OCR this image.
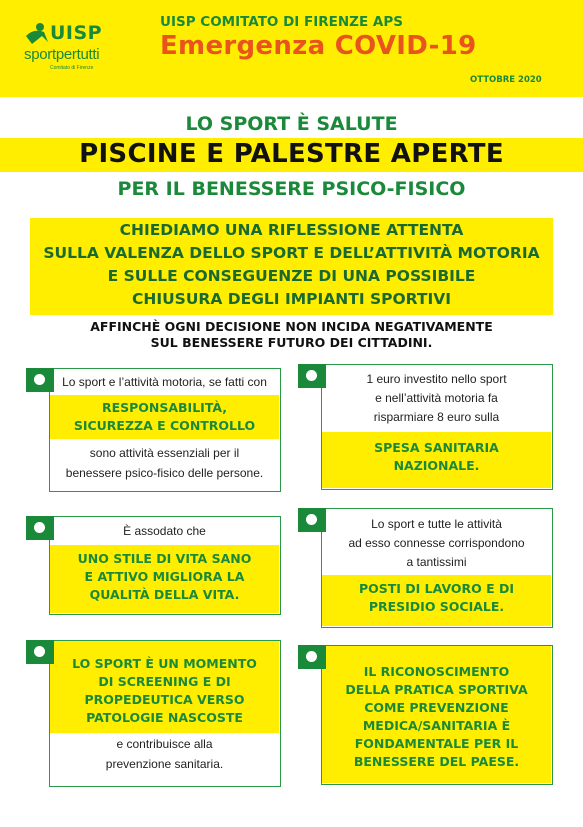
UISP
sportpertutti
Comitato di Firenze
UISP COMITATO DI FIRENZE APS
Emergenza COVID-19
OTTOBRE 2020
LO SPORT È SALUTE
PISCINE E PALESTRE APERTE
PER IL BENESSERE PSICO-FISICO
CHIEDIAMO UNA RIFLESSIONE ATTENTA
SULLA VALENZA DELLO SPORT E DELL’ATTIVITÀ MOTORIA
E SULLE CONSEGUENZE DI UNA POSSIBILE
CHIUSURA DEGLI IMPIANTI SPORTIVI
AFFINCHÈ OGNI DECISIONE NON INCIDA NEGATIVAMENTE
SUL BENESSERE FUTURO DEI CITTADINI.
Lo sport e l’attività motoria, se fatti con
RESPONSABILITÀ,
SICUREZZA E CONTROLLO
sono attività essenziali per il
benessere psico-fisico delle persone.
1 euro investito nello sport
e nell’attività motoria fa
risparmiare 8 euro sulla
SPESA SANITARIA
NAZIONALE.
È assodato che
UNO STILE DI VITA SANO
E ATTIVO MIGLIORA LA
QUALITÀ DELLA VITA.
Lo sport e tutte le attività
ad esso connesse corrispondono
a tantissimi
POSTI DI LAVORO E DI
PRESIDIO SOCIALE.
LO SPORT È UN MOMENTO
DI SCREENING E DI
PROPEDEUTICA VERSO
PATOLOGIE NASCOSTE
e contribuisce alla
prevenzione sanitaria.
IL RICONOSCIMENTO
DELLA PRATICA SPORTIVA
COME PREVENZIONE
MEDICA/SANITARIA È
FONDAMENTALE PER IL
BENESSERE DEL PAESE.
